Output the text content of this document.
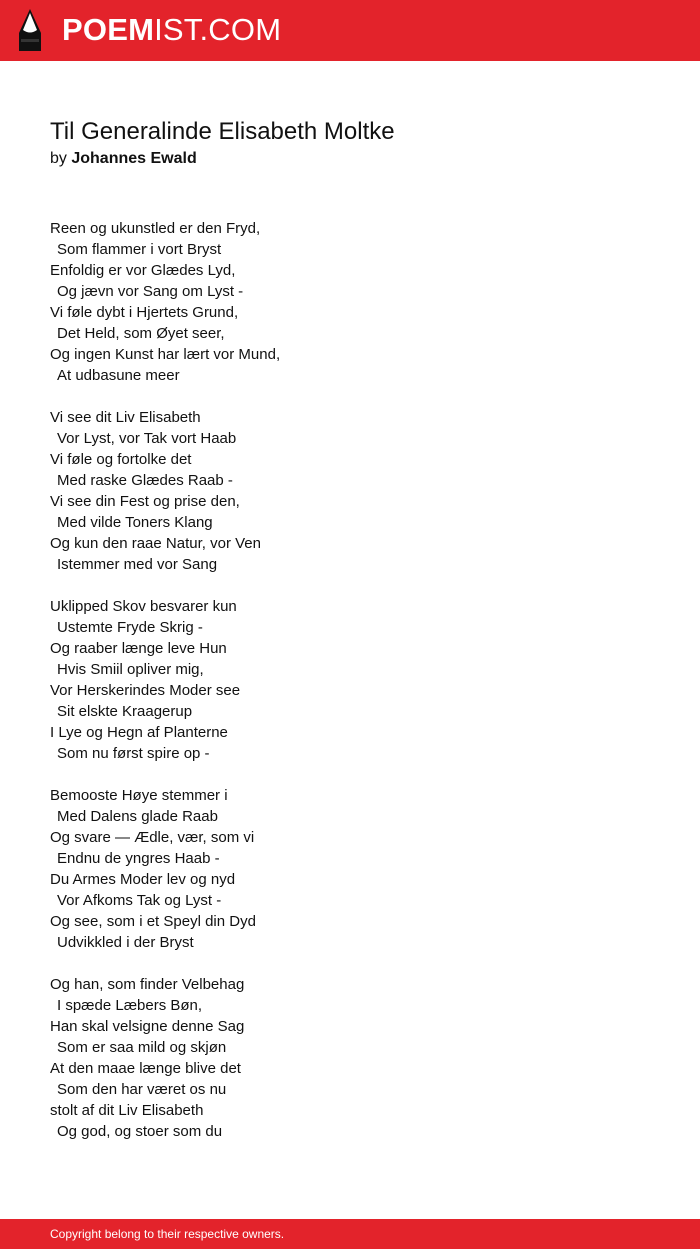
POEMIST.COM
Til Generalinde Elisabeth Moltke
by Johannes Ewald
Reen og ukunstled er den Fryd,
Som flammer i vort Bryst
Enfoldig er vor Glædes Lyd,
Og jævn vor Sang om Lyst -
Vi føle dybt i Hjertets Grund,
Det Held, som Øyet seer,
Og ingen Kunst har lært vor Mund,
At udbasune meer
Vi see dit Liv Elisabeth
Vor Lyst, vor Tak vort Haab
Vi føle og fortolke det
Med raske Glædes Raab -
Vi see din Fest og prise den,
Med vilde Toners Klang
Og kun den raae Natur, vor Ven
Istemmer med vor Sang
Uklipped Skov besvarer kun
Ustemte Fryde Skrig -
Og raaber længe leve Hun
Hvis Smiil opliver mig,
Vor Herskerindes Moder see
Sit elskte Kraagerup
I Lye og Hegn af Planterne
Som nu først spire op -
Bemooste Høye stemmer i
Med Dalens glade Raab
Og svare — Ædle, vær, som vi
Endnu de yngres Haab -
Du Armes Moder lev og nyd
Vor Afkoms Tak og Lyst -
Og see, som i et Speyl din Dyd
Udvikkled i der Bryst
Og han, som finder Velbehag
I spæde Læbers Bøn,
Han skal velsigne denne Sag
Som er saa mild og skjøn
At den maae længe blive det
Som den har været os nu
stolt af dit Liv Elisabeth
Og god, og stoer som du
Copyright belong to their respective owners.
